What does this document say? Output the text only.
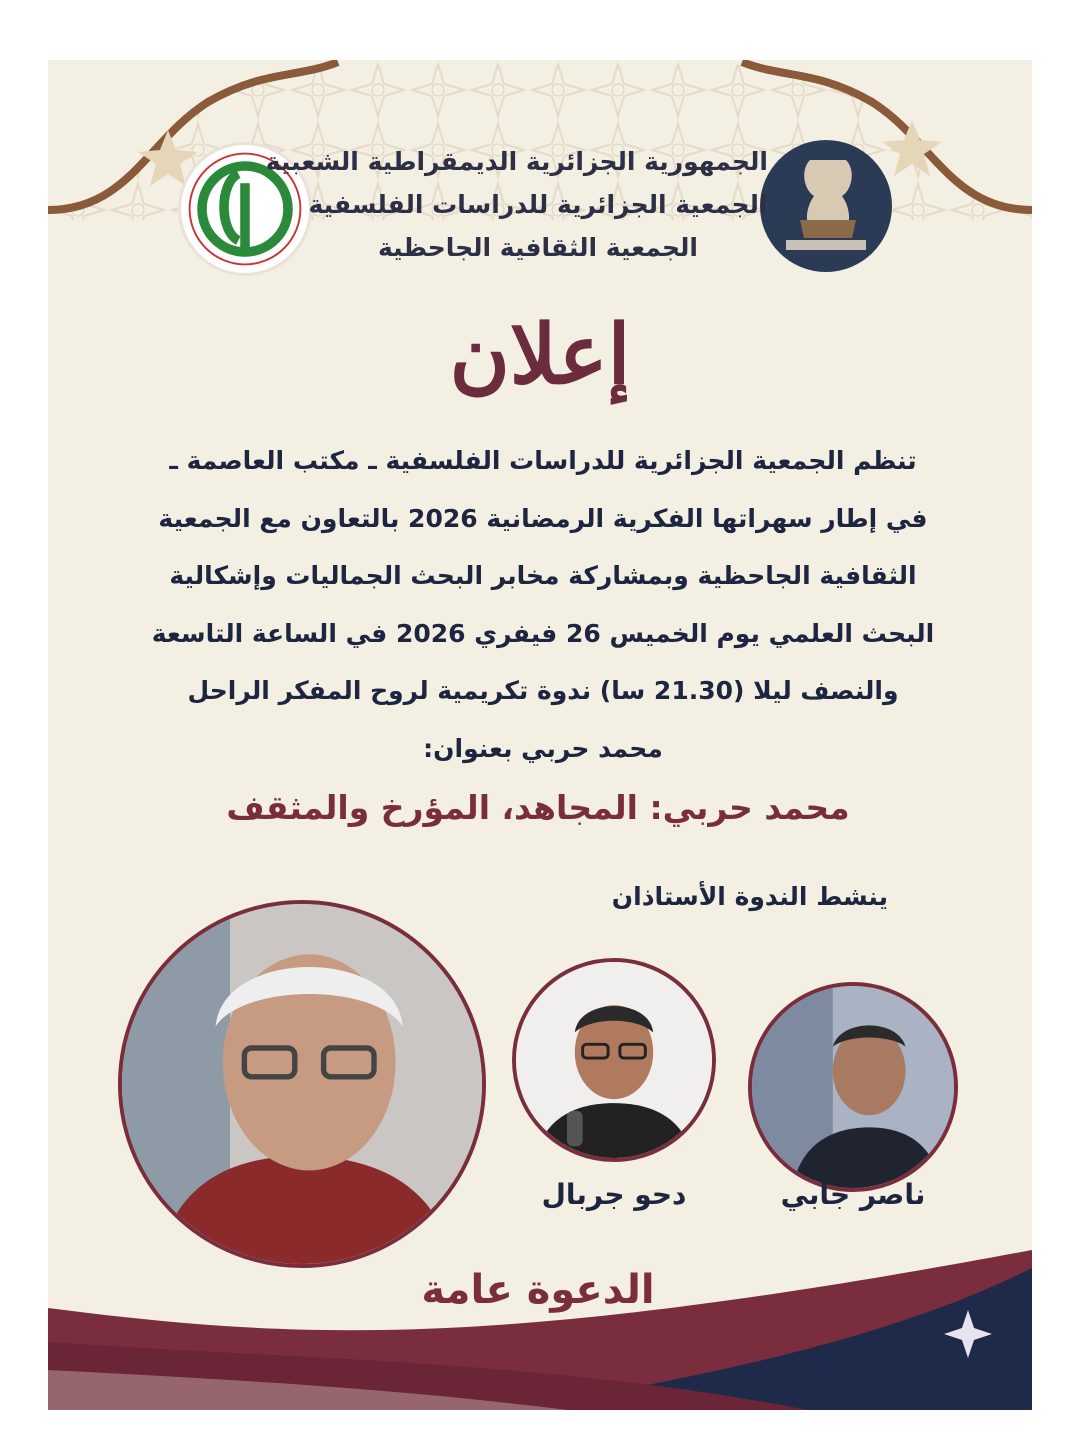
الجمهورية الجزائرية الديمقراطية الشعبية
الجمعية الجزائرية للدراسات الفلسفية
الجمعية الثقافية الجاحظية
إعلان
تنظم الجمعية الجزائرية للدراسات الفلسفية ـ مكتب العاصمة ـ
في إطار سهراتها الفكرية الرمضانية 2026 بالتعاون مع الجمعية
الثقافية الجاحظية وبمشاركة مخابر البحث الجماليات وإشكالية
البحث العلمي يوم الخميس 26 فيفري 2026 في الساعة التاسعة
والنصف ليلا (21.30 سا) ندوة تكريمية لروح المفكر الراحل
محمد حربي بعنوان:
محمد حربي: المجاهد، المؤرخ والمثقف
ينشط الندوة الأستاذان
دحو جربال	ناصر جابي
الدعوة عامة
